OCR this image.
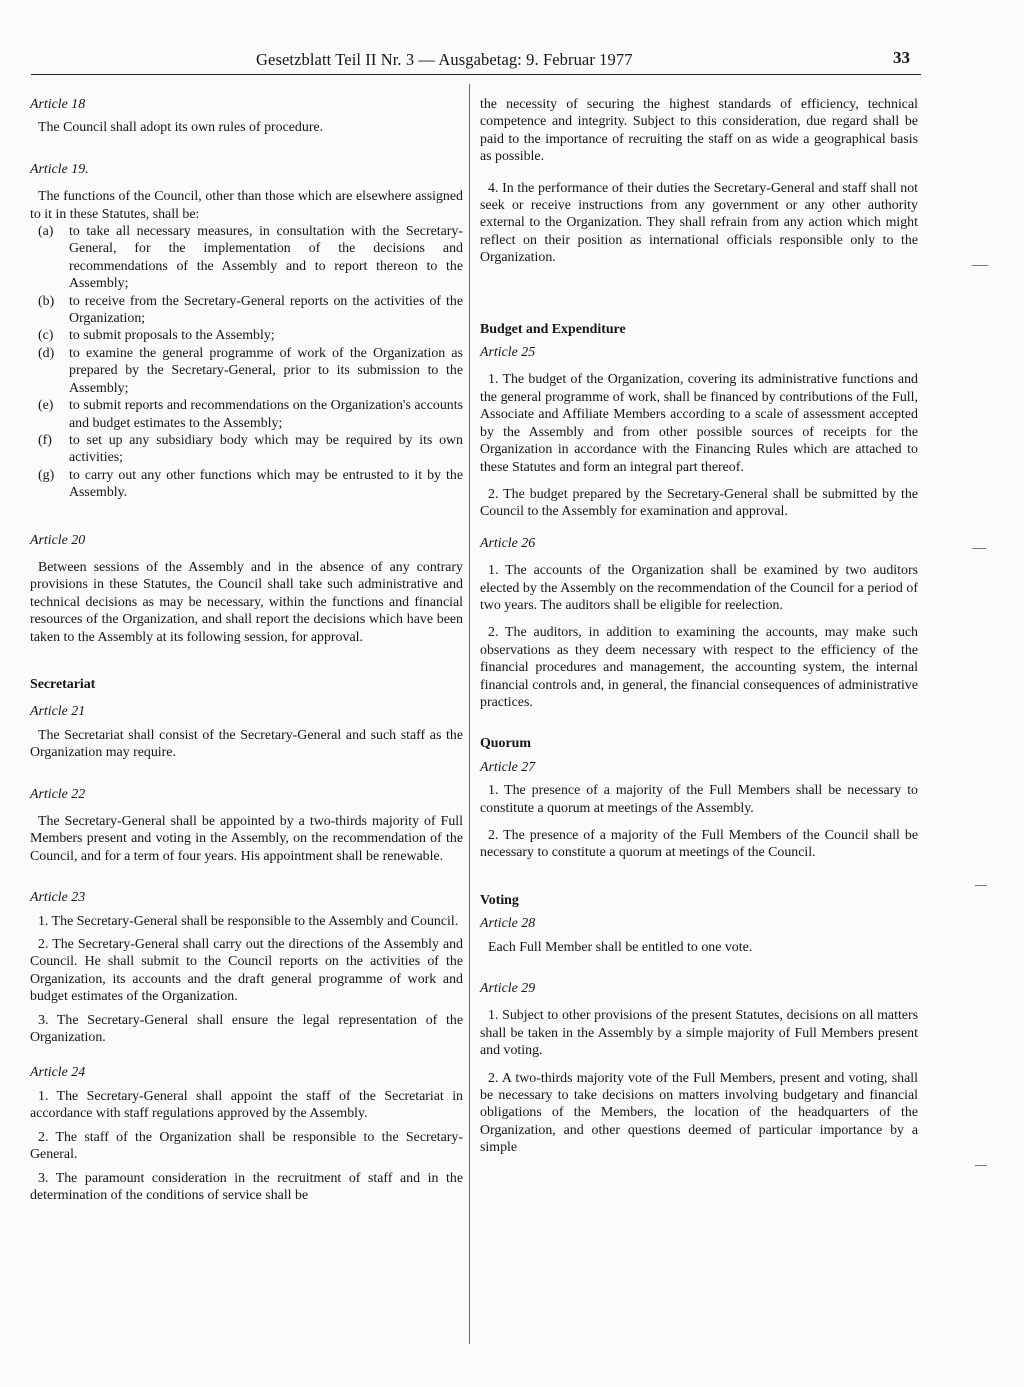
Gesetzblatt Teil II Nr. 3 — Ausgabetag: 9. Februar 1977	33

Article 18

The Council shall adopt its own rules of procedure.

Article 19.

The functions of the Council, other than those which are elsewhere assigned to it in these Statutes, shall be:

(a) to take all necessary measures, in consultation with the Secretary-General, for the implementation of the decisions and recommendations of the Assembly and to report thereon to the Assembly;
(b) to receive from the Secretary-General reports on the activities of the Organization;
(c) to submit proposals to the Assembly;
(d) to examine the general programme of work of the Organization as prepared by the Secretary-General, prior to its submission to the Assembly;
(e) to submit reports and recommendations on the Organization's accounts and budget estimates to the Assembly;
(f) to set up any subsidiary body which may be required by its own activities;
(g) to carry out any other functions which may be entrusted to it by the Assembly.

Article 20

Between sessions of the Assembly and in the absence of any contrary provisions in these Statutes, the Council shall take such administrative and technical decisions as may be necessary, within the functions and financial resources of the Organization, and shall report the decisions which have been taken to the Assembly at its following session, for approval.

Secretariat

Article 21

The Secretariat shall consist of the Secretary-General and such staff as the Organization may require.

Article 22

The Secretary-General shall be appointed by a two-thirds majority of Full Members present and voting in the Assembly, on the recommendation of the Council, and for a term of four years. His appointment shall be renewable.

Article 23

1. The Secretary-General shall be responsible to the Assembly and Council.

2. The Secretary-General shall carry out the directions of the Assembly and Council. He shall submit to the Council reports on the activities of the Organization, its accounts and the draft general programme of work and budget estimates of the Organization.

3. The Secretary-General shall ensure the legal representation of the Organization.

Article 24

1. The Secretary-General shall appoint the staff of the Secretariat in accordance with staff regulations approved by the Assembly.

2. The staff of the Organization shall be responsible to the Secretary-General.

3. The paramount consideration in the recruitment of staff and in the determination of the conditions of service shall be

the necessity of securing the highest standards of efficiency, technical competence and integrity. Subject to this consideration, due regard shall be paid to the importance of recruiting the staff on as wide a geographical basis as possible.

4. In the performance of their duties the Secretary-General and staff shall not seek or receive instructions from any government or any other authority external to the Organization. They shall refrain from any action which might reflect on their position as international officials responsible only to the Organization.

Budget and Expenditure

Article 25

1. The budget of the Organization, covering its administrative functions and the general programme of work, shall be financed by contributions of the Full, Associate and Affiliate Members according to a scale of assessment accepted by the Assembly and from other possible sources of receipts for the Organization in accordance with the Financing Rules which are attached to these Statutes and form an integral part thereof.

2. The budget prepared by the Secretary-General shall be submitted by the Council to the Assembly for examination and approval.

Article 26

1. The accounts of the Organization shall be examined by two auditors elected by the Assembly on the recommendation of the Council for a period of two years. The auditors shall be eligible for reelection.

2. The auditors, in addition to examining the accounts, may make such observations as they deem necessary with respect to the efficiency of the financial procedures and management, the accounting system, the internal financial controls and, in general, the financial consequences of administrative practices.

Quorum

Article 27

1. The presence of a majority of the Full Members shall be necessary to constitute a quorum at meetings of the Assembly.

2. The presence of a majority of the Full Members of the Council shall be necessary to constitute a quorum at meetings of the Council.

Voting

Article 28

Each Full Member shall be entitled to one vote.

Article 29

1. Subject to other provisions of the present Statutes, decisions on all matters shall be taken in the Assembly by a simple majority of Full Members present and voting.

2. A two-thirds majority vote of the Full Members, present and voting, shall be necessary to take decisions on matters involving budgetary and financial obligations of the Members, the location of the headquarters of the Organization, and other questions deemed of particular importance by a simple
